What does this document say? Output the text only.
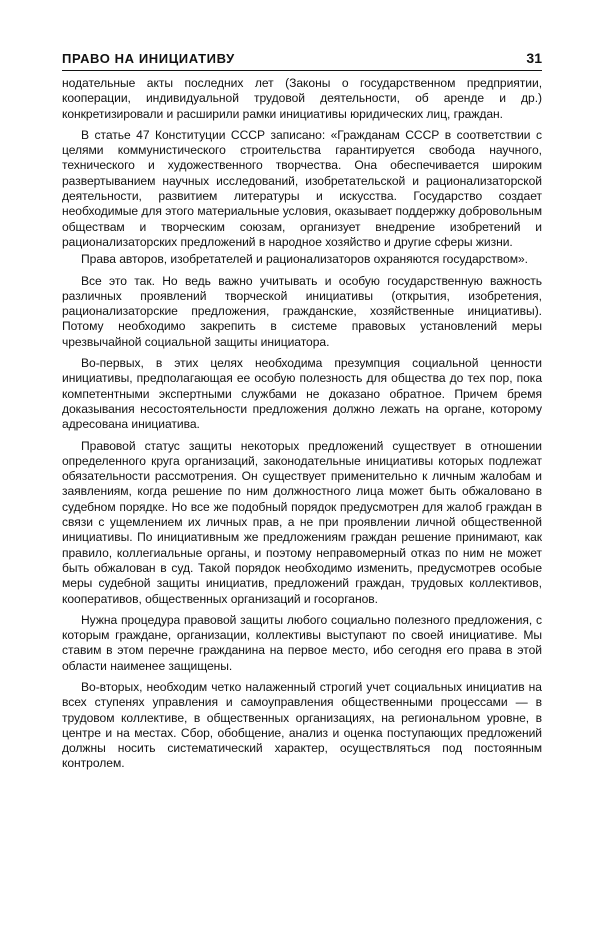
ПРАВО НА ИНИЦИАТИВУ	31

нодательные акты последних лет (Законы о государственном предприятии, кооперации, индивидуальной трудовой деятельности, об аренде и др.) конкретизировали и расширили рамки инициативы юридических лиц, граждан.

В статье 47 Конституции СССР записано: «Гражданам СССР в соответствии с целями коммунистического строительства гарантируется свобода научного, технического и художественного творчества. Она обеспечивается широким развертыванием научных исследований, изобретательской и рационализаторской деятельности, развитием литературы и искусства. Государство создает необходимые для этого материальные условия, оказывает поддержку добровольным обществам и творческим союзам, организует внедрение изобретений и рационализаторских предложений в народное хозяйство и другие сферы жизни.

Права авторов, изобретателей и рационализаторов охраняются государством».

Все это так. Но ведь важно учитывать и особую государственную важность различных проявлений творческой инициативы (открытия, изобретения, рационализаторские предложения, гражданские, хозяйственные инициативы). Потому необходимо закрепить в системе правовых установлений меры чрезвычайной социальной защиты инициатора.

Во-первых, в этих целях необходима презумпция социальной ценности инициативы, предполагающая ее особую полезность для общества до тех пор, пока компетентными экспертными службами не доказано обратное. Причем бремя доказывания несостоятельности предложения должно лежать на органе, которому адресована инициатива.

Правовой статус защиты некоторых предложений существует в отношении определенного круга организаций, законодательные инициативы которых подлежат обязательности рассмотрения. Он существует применительно к личным жалобам и заявлениям, когда решение по ним должностного лица может быть обжаловано в судебном порядке. Но все же подобный порядок предусмотрен для жалоб граждан в связи с ущемлением их личных прав, а не при проявлении личной общественной инициативы. По инициативным же предложениям граждан решение принимают, как правило, коллегиальные органы, и поэтому неправомерный отказ по ним не может быть обжалован в суд. Такой порядок необходимо изменить, предусмотрев особые меры судебной защиты инициатив, предложений граждан, трудовых коллективов, кооперативов, общественных организаций и госорганов.

Нужна процедура правовой защиты любого социально полезного предложения, с которым граждане, организации, коллективы выступают по своей инициативе. Мы ставим в этом перечне гражданина на первое место, ибо сегодня его права в этой области наименее защищены.

Во-вторых, необходим четко налаженный строгий учет социальных инициатив на всех ступенях управления и самоуправления общественными процессами — в трудовом коллективе, в общественных организациях, на региональном уровне, в центре и на местах. Сбор, обобщение, анализ и оценка поступающих предложений должны носить систематический характер, осуществляться под постоянным контролем.
